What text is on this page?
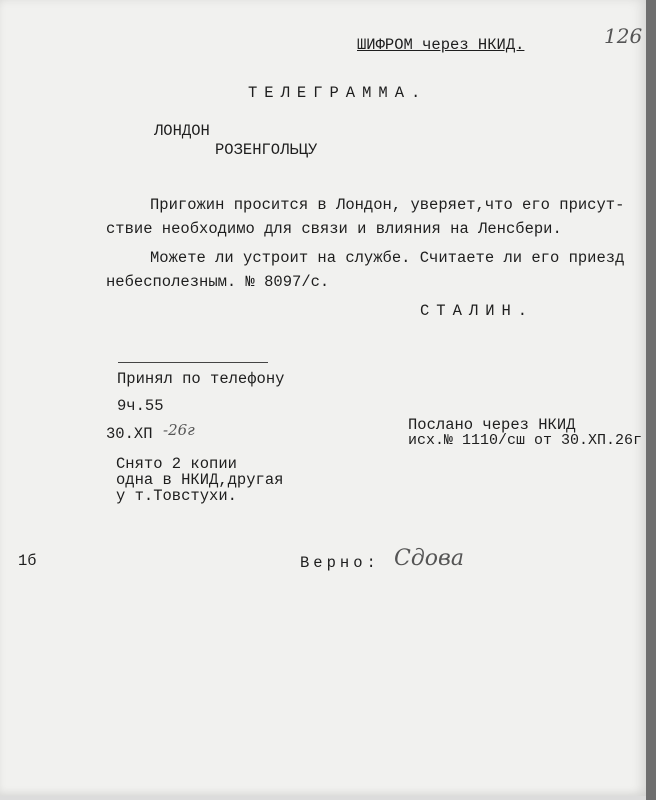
ШИФРОМ через НКИД.	126
ТЕЛЕГРАММА.
ЛОНДОН
РОЗЕНГОЛЬЦУ
Пригожин просится в Лондон, уверяет,что его присут-
ствие необходимо для связи и влияния на Ленсбери.
Можете ли устроит на службе. Считаете ли его приезд
небесполезным. № 8097/с.
СТАЛИН.
Принял по телефону
9ч.55
30.ХП -26г
Снято 2 копии
одна в НКИД,другая
у т.Товстухи.
Послано через НКИД
исх.№ 1110/сш от 30.ХП.26г
1б	Верно: Сдова
